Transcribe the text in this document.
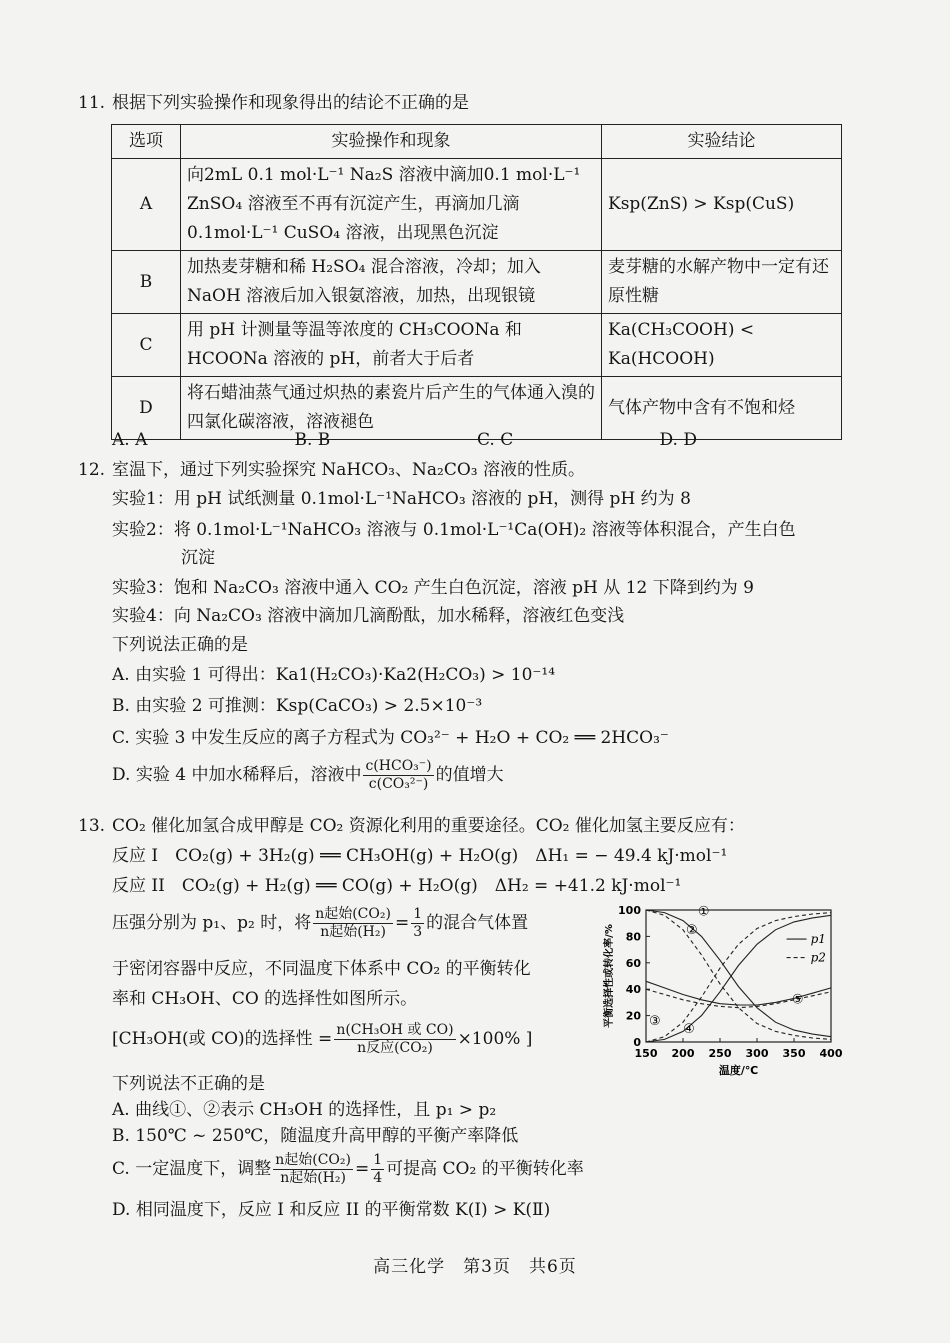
11. 根据下列实验操作和现象得出的结论不正确的是
选项	实验操作和现象	实验结论
A	向2mL 0.1 mol·L⁻¹ Na₂S 溶液中滴加0.1 mol·L⁻¹ ZnSO₄ 溶液至不再有沉淀产生，再滴加几滴 0.1mol·L⁻¹ CuSO₄ 溶液，出现黑色沉淀	Ksp(ZnS) > Ksp(CuS)
B	加热麦芽糖和稀 H₂SO₄ 混合溶液，冷却；加入 NaOH 溶液后加入银氨溶液，加热，出现银镜	麦芽糖的水解产物中一定有还原性糖
C	用 pH 计测量等温等浓度的 CH₃COONa 和 HCOONa 溶液的 pH，前者大于后者	Ka(CH₃COOH) < Ka(HCOOH)
D	将石蜡油蒸气通过炽热的素瓷片后产生的气体通入溴的四氯化碳溶液，溶液褪色	气体产物中含有不饱和烃
A. A	B. B	C. C	D. D
12. 室温下，通过下列实验探究 NaHCO₃、Na₂CO₃ 溶液的性质。
实验1：用 pH 试纸测量 0.1mol·L⁻¹NaHCO₃ 溶液的 pH，测得 pH 约为 8
实验2：将 0.1mol·L⁻¹NaHCO₃ 溶液与 0.1mol·L⁻¹Ca(OH)₂ 溶液等体积混合，产生白色
沉淀
实验3：饱和 Na₂CO₃ 溶液中通入 CO₂ 产生白色沉淀，溶液 pH 从 12 下降到约为 9
实验4：向 Na₂CO₃ 溶液中滴加几滴酚酞，加水稀释，溶液红色变浅
下列说法正确的是
A. 由实验 1 可得出：Ka1(H₂CO₃)·Ka2(H₂CO₃) > 10⁻¹⁴
B. 由实验 2 可推测：Ksp(CaCO₃) > 2.5×10⁻³
C. 实验 3 中发生反应的离子方程式为 CO₃²⁻ + H₂O + CO₂ ══ 2HCO₃⁻
D. 实验 4 中加水稀释后，溶液中 $\frac{\text{c(HCO₃⁻)}}{\text{c(CO₃²⁻)}}$ 的值增大
13. CO₂ 催化加氢合成甲醇是 CO₂ 资源化利用的重要途径。CO₂ 催化加氢主要反应有：
反应 I　CO₂(g) + 3H₂(g) ══ CH₃OH(g) + H₂O(g)　ΔH₁ = − 49.4 kJ·mol⁻¹
反应 II　CO₂(g) + H₂(g) ══ CO(g) + H₂O(g)　ΔH₂ = +41.2 kJ·mol⁻¹
压强分别为 p₁、p₂ 时，将 $\frac{\text{n起始(CO₂)}}{\text{n起始(H₂)}} = \frac{1}{3}$ 的混合气体置
于密闭容器中反应，不同温度下体系中 CO₂ 的平衡转化
率和 CH₃OH、CO 的选择性如图所示。
[CH₃OH(或 CO)的选择性 = $\frac{\text{n(CH₃OH 或 CO)}}{\text{n反应(CO₂)}} \times 100\%$ ]
下列说法不正确的是
A. 曲线①、②表示 CH₃OH 的选择性，且 p₁ > p₂
B. 150℃ ~ 250℃，随温度升高甲醇的平衡产率降低
C. 一定温度下，调整 $\frac{\text{n起始(CO₂)}}{\text{n起始(H₂)}} = \frac{1}{4}$ 可提高 CO₂ 的平衡转化率
D. 相同温度下，反应 I 和反应 II 的平衡常数 K(I) > K(Ⅱ)
0
20
40
60
80
100
150 200 250 300 350 400
温度/℃
平衡选择性或转化率/%
①
②
③
④
⑤
p1
p2
高三化学　第3页　共6页
